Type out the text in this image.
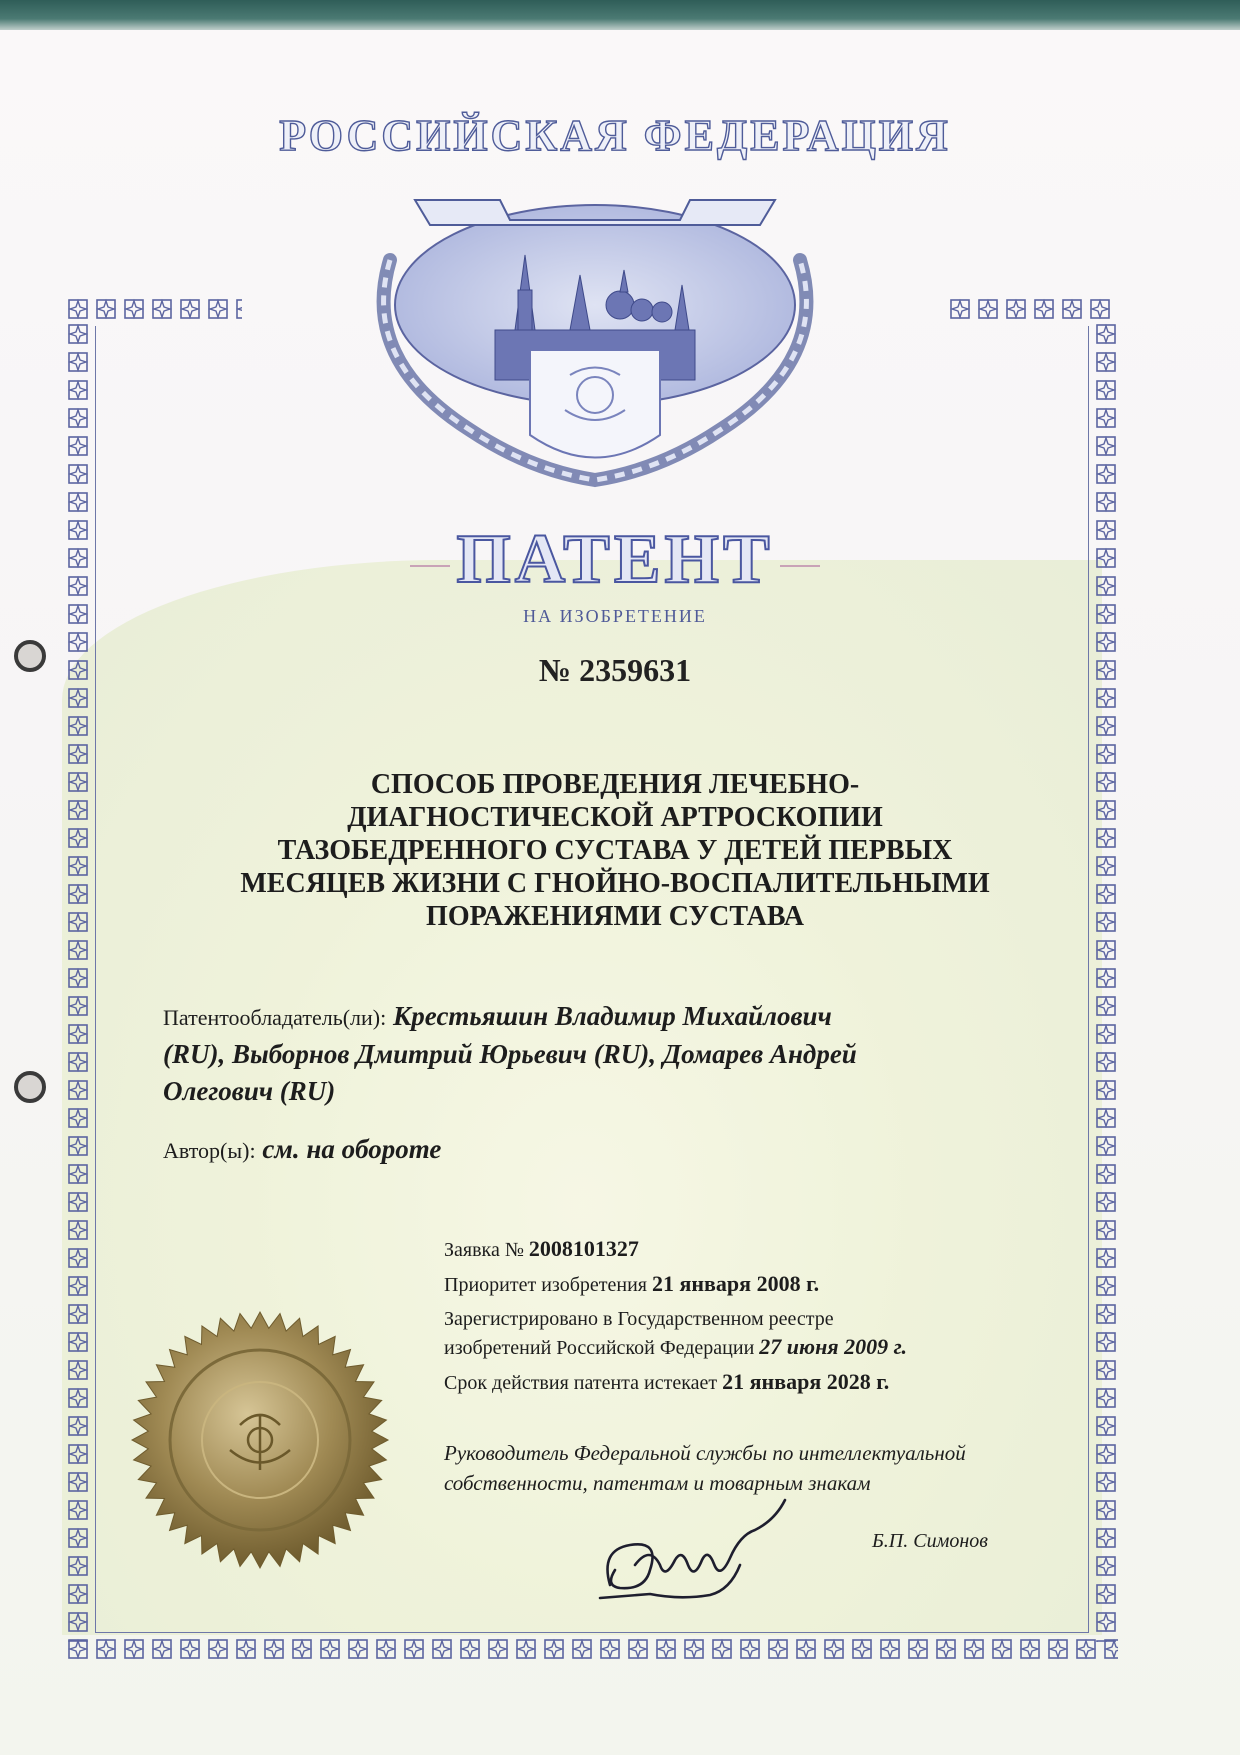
РОССИЙСКАЯ ФЕДЕРАЦИЯ
ПАТЕНТ
НА ИЗОБРЕТЕНИЕ
№ 2359631
СПОСОБ ПРОВЕДЕНИЯ ЛЕЧЕБНО-
ДИАГНОСТИЧЕСКОЙ АРТРОСКОПИИ
ТАЗОБЕДРЕННОГО СУСТАВА У ДЕТЕЙ ПЕРВЫХ
МЕСЯЦЕВ ЖИЗНИ С ГНОЙНО-ВОСПАЛИТЕЛЬНЫМИ
ПОРАЖЕНИЯМИ СУСТАВА
Патентообладатель(ли): Крестьяшин Владимир Михайлович
(RU), Выборнов Дмитрий Юрьевич (RU), Домарев Андрей
Олегович (RU)
Автор(ы): см. на обороте
Заявка № 2008101327
Приоритет изобретения 21 января 2008 г.
Зарегистрировано в Государственном реестре
изобретений Российской Федерации 27 июня 2009 г.
Срок действия патента истекает 21 января 2028 г.
Руководитель Федеральной службы по интеллектуальной
собственности, патентам и товарным знакам
Б.П. Симонов
